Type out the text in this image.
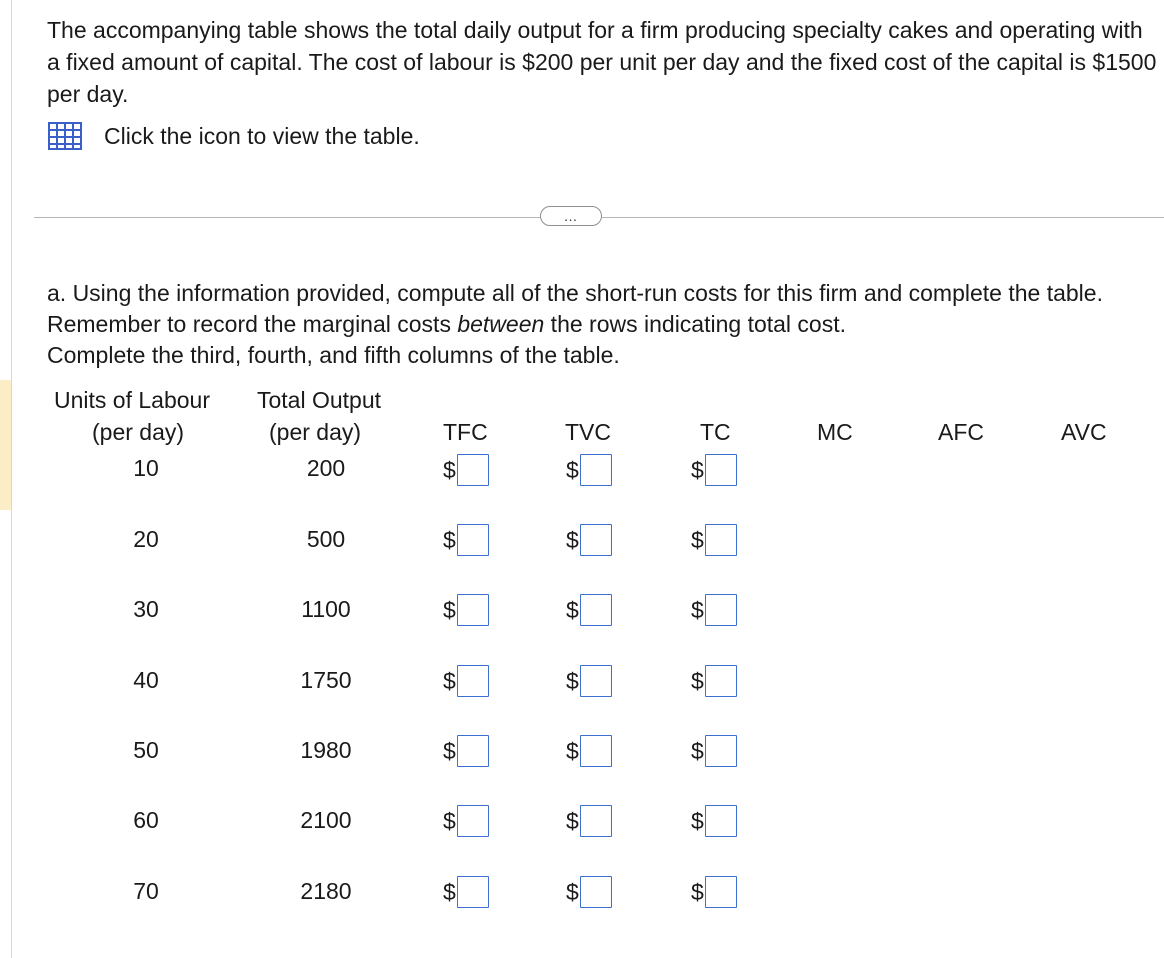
The accompanying table shows the total daily output for a firm producing specialty cakes and operating with a fixed amount of capital. The cost of labour is $200 per unit per day and the fixed cost of the capital is $1500 per day.
Click the icon to view the table.
…
a. Using the information provided, compute all of the short-run costs for this firm and complete the table. Remember to record the marginal costs between the rows indicating total cost.
Complete the third, fourth, and fifth columns of the table.
Units of Labour
(per day)
Total Output
(per day)	TFC	TVC	TC	MC	AFC	AVC
10	200	$	$	$
20	500	$	$	$
30	1100	$	$	$
40	1750	$	$	$
50	1980	$	$	$
60	2100	$	$	$
70	2180	$	$	$
